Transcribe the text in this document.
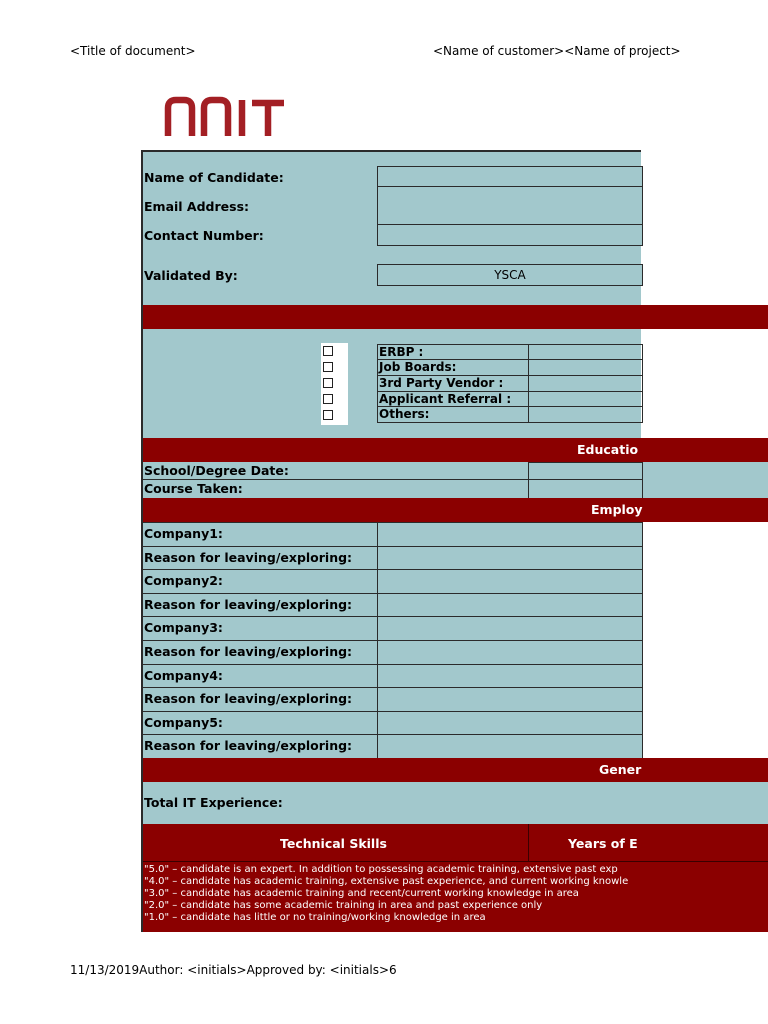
<Title of document>	<Name of customer><Name of project>
Name of Candidate:
Email Address:
Contact Number:
Validated By:	YSCA
ERBP :
Job Boards:
3rd Party Vendor :
Applicant Referral :
Others:
Educatio
School/Degree Date:
Course Taken:
Employ
Company1:
Reason for leaving/exploring:
Company2:
Reason for leaving/exploring:
Company3:
Reason for leaving/exploring:
Company4:
Reason for leaving/exploring:
Company5:
Reason for leaving/exploring:
Gener
Total IT Experience:
Technical Skills	Years of E
"5.0" – candidate is an expert. In addition to possessing academic training, extensive past exp
"4.0" – candidate has academic training, extensive past experience, and current working knowle
"3.0" – candidate has academic training and recent/current working knowledge in area
"2.0" – candidate has some academic training in area and past experience only
"1.0" – candidate has little or no training/working knowledge in area
11/13/2019Author: <initials>Approved by: <initials>6
